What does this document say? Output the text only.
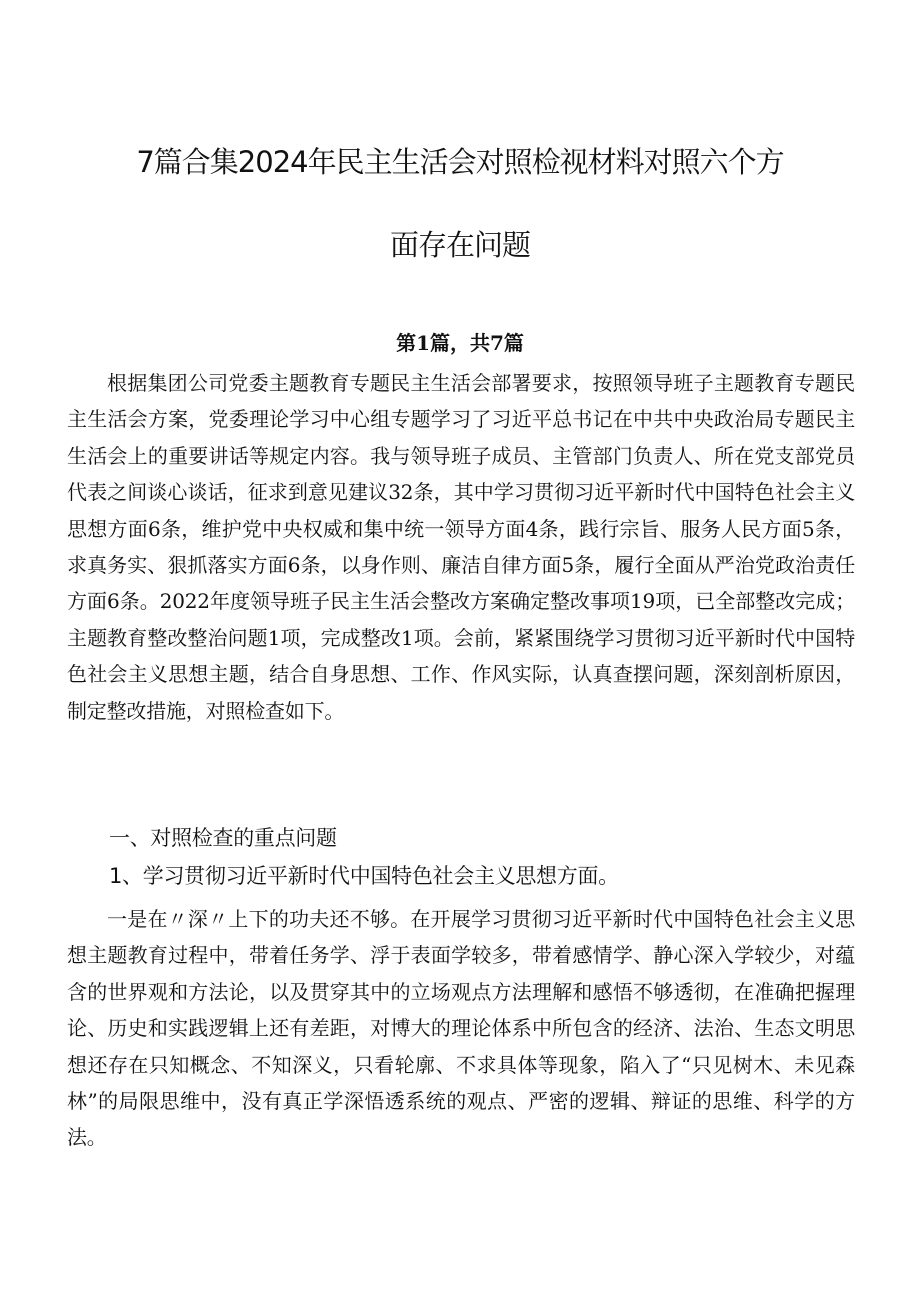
7篇合集2024年民主生活会对照检视材料对照六个方
面存在问题
第1篇，共7篇

根据集团公司党委主题教育专题民主生活会部署要求，按照领导班子主题教育专题民主生活会方案，党委理论学习中心组专题学习了习近平总书记在中共中央政治局专题民主生活会上的重要讲话等规定内容。我与领导班子成员、主管部门负责人、所在党支部党员代表之间谈心谈话，征求到意见建议32条，其中学习贯彻习近平新时代中国特色社会主义思想方面6条，维护党中央权威和集中统一领导方面4条，践行宗旨、服务人民方面5条，求真务实、狠抓落实方面6条，以身作则、廉洁自律方面5条，履行全面从严治党政治责任方面6条。2022年度领导班子民主生活会整改方案确定整改事项19项，已全部整改完成；主题教育整改整治问题1项，完成整改1项。会前，紧紧围绕学习贯彻习近平新时代中国特色社会主义思想主题，结合自身思想、工作、作风实际，认真查摆问题，深刻剖析原因，制定整改措施，对照检查如下。

一、对照检查的重点问题
1、学习贯彻习近平新时代中国特色社会主义思想方面。

一是在〃深〃上下的功夫还不够。在开展学习贯彻习近平新时代中国特色社会主义思想主题教育过程中，带着任务学、浮于表面学较多，带着感情学、静心深入学较少，对蕴含的世界观和方法论，以及贯穿其中的立场观点方法理解和感悟不够透彻，在准确把握理论、历史和实践逻辑上还有差距，对博大的理论体系中所包含的经济、法治、生态文明思想还存在只知概念、不知深义，只看轮廓、不求具体等现象，陷入了“只见树木、未见森林”的局限思维中，没有真正学深悟透系统的观点、严密的逻辑、辩证的思维、科学的方法。
